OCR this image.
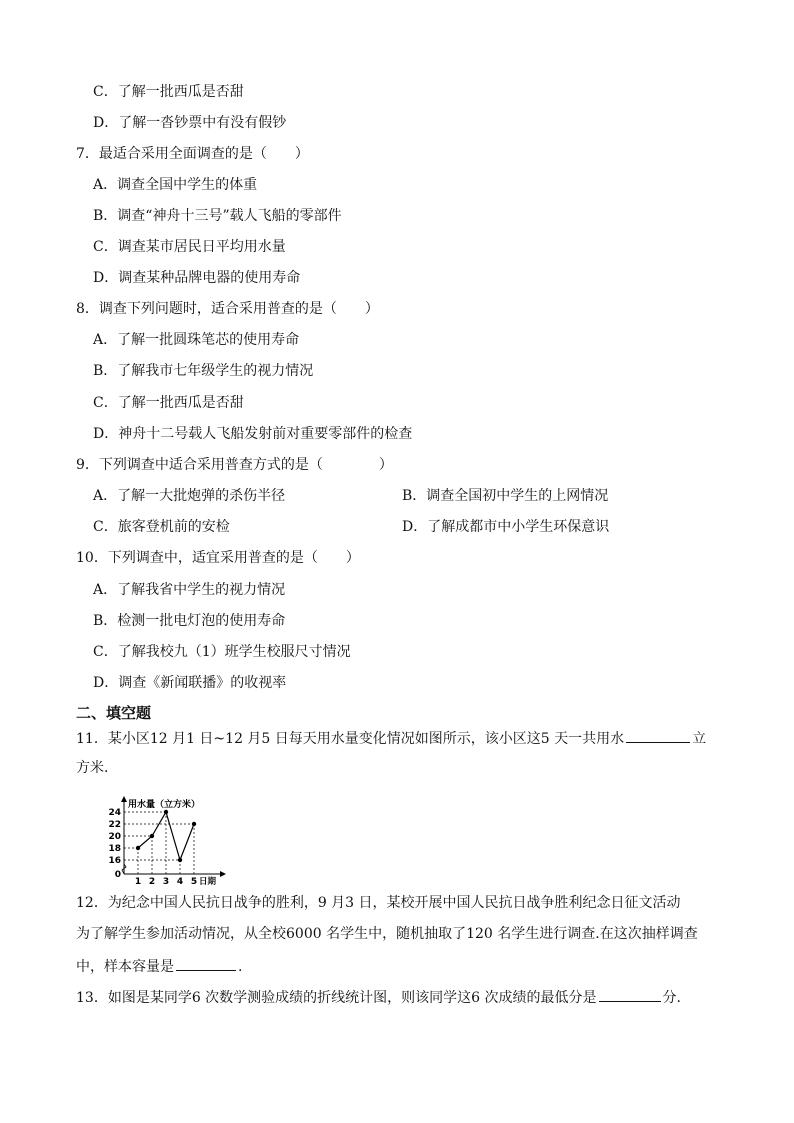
C．了解一批西瓜是否甜
D．了解一沓钞票中有没有假钞
7．最适合采用全面调查的是（　　）
A．调查全国中学生的体重
B．调查“神舟十三号”载人飞船的零部件
C．调查某市居民日平均用水量
D．调查某种品牌电器的使用寿命
8．调查下列问题时，适合采用普查的是（　　）
A．了解一批圆珠笔芯的使用寿命
B．了解我市七年级学生的视力情况
C．了解一批西瓜是否甜
D．神舟十二号载人飞船发射前对重要零部件的检查
9．下列调查中适合采用普查方式的是（　　　　）
A．了解一大批炮弹的杀伤半径	B．调查全国初中学生的上网情况
C．旅客登机前的安检	D．了解成都市中小学生环保意识
10．下列调查中，适宜采用普查的是（　　）
A．了解我省中学生的视力情况
B．检测一批电灯泡的使用寿命
C．了解我校九（1）班学生校服尺寸情况
D．调查《新闻联播》的收视率
二、填空题
11．某小区12 月1 日~12 月5 日每天用水量变化情况如图所示，该小区这5 天一共用水	立
方米．
16
18
20
22
24
0
1 2 3 4 5 日期
用水量（立方米）
12．为纪念中国人民抗日战争的胜利，9 月3 日，某校开展中国人民抗日战争胜利纪念日征文活动
为了解学生参加活动情况，从全校6000 名学生中，随机抽取了120 名学生进行调查.在这次抽样调查
中，样本容量是	.
13．如图是某同学6 次数学测验成绩的折线统计图，则该同学这6 次成绩的最低分是	分.
